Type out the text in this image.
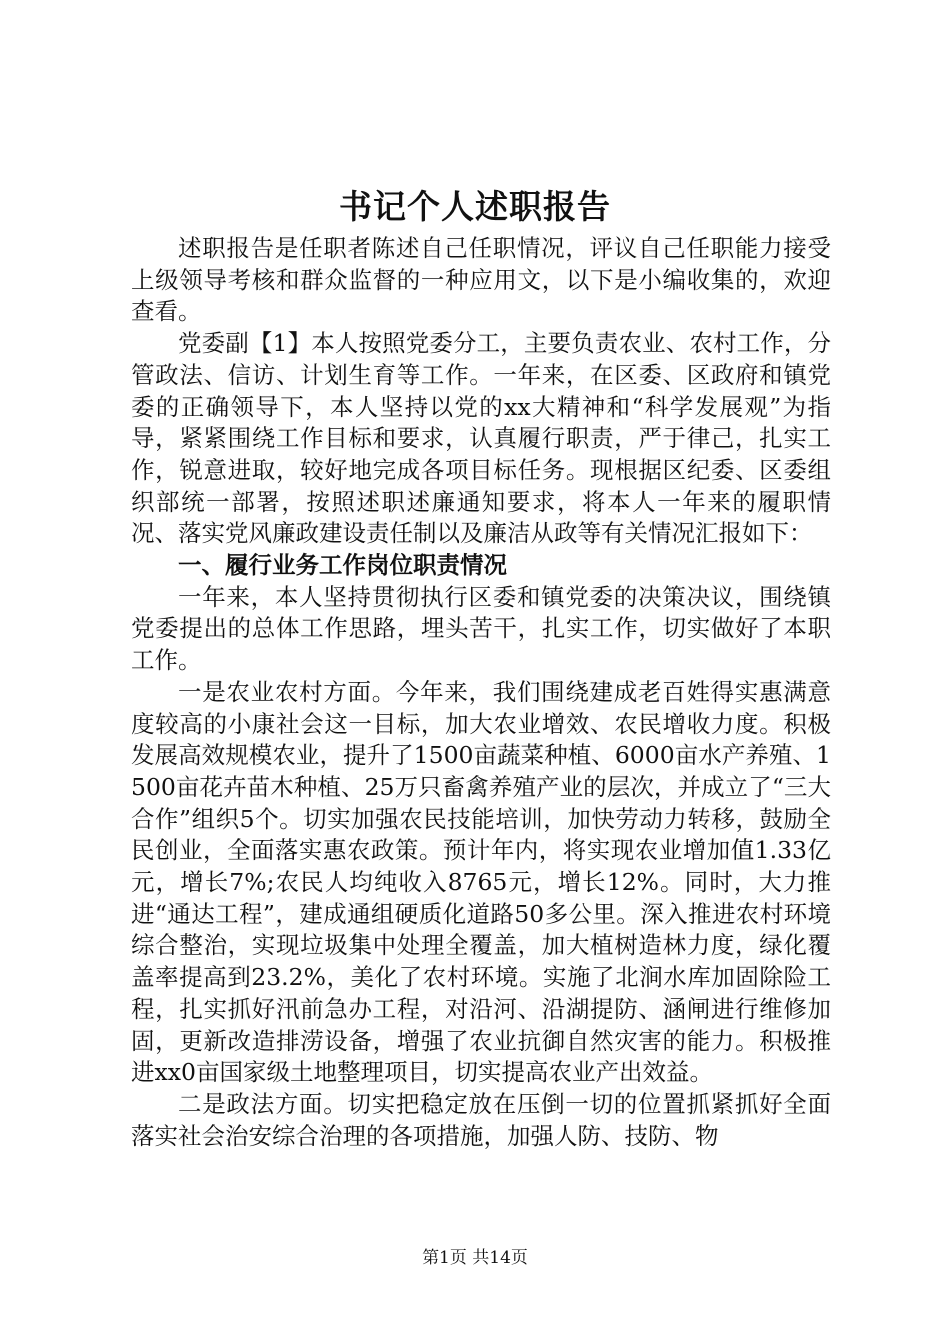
书记个人述职报告

述职报告是任职者陈述自己任职情况，评议自己任职能力接受上级领导考核和群众监督的一种应用文，以下是小编收集的，欢迎查看。

党委副【1】本人按照党委分工，主要负责农业、农村工作，分管政法、信访、计划生育等工作。一年来，在区委、区政府和镇党委的正确领导下，本人坚持以党的xx大精神和“科学发展观”为指导，紧紧围绕工作目标和要求，认真履行职责，严于律己，扎实工作，锐意进取，较好地完成各项目标任务。现根据区纪委、区委组织部统一部署，按照述职述廉通知要求，将本人一年来的履职情况、落实党风廉政建设责任制以及廉洁从政等有关情况汇报如下：

一、履行业务工作岗位职责情况

一年来，本人坚持贯彻执行区委和镇党委的决策决议，围绕镇党委提出的总体工作思路，埋头苦干，扎实工作，切实做好了本职工作。

一是农业农村方面。今年来，我们围绕建成老百姓得实惠满意度较高的小康社会这一目标，加大农业增效、农民增收力度。积极发展高效规模农业，提升了1500亩蔬菜种植、6000亩水产养殖、1500亩花卉苗木种植、25万只畜禽养殖产业的层次，并成立了“三大合作”组织5个。切实加强农民技能培训，加快劳动力转移，鼓励全民创业，全面落实惠农政策。预计年内，将实现农业增加值1.33亿元，增长7%;农民人均纯收入8765元，增长12%。同时，大力推进“通达工程”，建成通组硬质化道路50多公里。深入推进农村环境综合整治，实现垃圾集中处理全覆盖，加大植树造林力度，绿化覆盖率提高到23.2%，美化了农村环境。实施了北涧水库加固除险工程，扎实抓好汛前急办工程，对沿河、沿湖提防、涵闸进行维修加固，更新改造排涝设备，增强了农业抗御自然灾害的能力。积极推进xx0亩国家级土地整理项目，切实提高农业产出效益。

二是政法方面。切实把稳定放在压倒一切的位置抓紧抓好全面落实社会治安综合治理的各项措施，加强人防、技防、物

第1页 共14页
